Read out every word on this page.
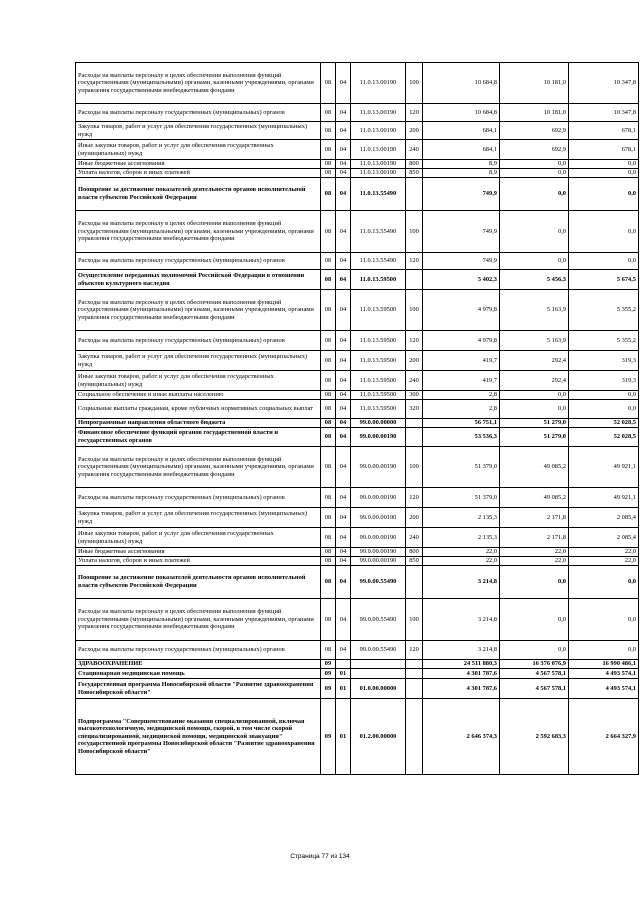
Расходы на выплаты персоналу в целях обеспечения выполнения функций государственными (муниципальными) органами, казенными учреждениями, органами управления государственными внебюджетными фондами	08	04	11.0.13.00190	100	10 684,8	10 181,0	10 347,8
Расходы на выплаты персоналу государственных (муниципальных) органов	08	04	11.0.13.00190	120	10 684,8	10 181,0	10 347,8
Закупка товаров, работ и услуг для обеспечения государственных (муниципальных) нужд	08	04	11.0.13.00190	200	684,1	692,9	678,1
Иные закупки товаров, работ и услуг для обеспечения государственных (муниципальных) нужд	08	04	11.0.13.00190	240	684,1	692,9	678,1
Иные бюджетные ассигнования	08	04	11.0.13.00190	800	8,9	0,0	0,0
Уплата налогов, сборов и иных платежей	08	04	11.0.13.00190	850	8,9	0,0	0,0
Поощрение за достижение показателей деятельности органов исполнительной власти субъектов Российской Федерации	08	04	11.0.13.55490		749,9	0,0	0,0
Расходы на выплаты персоналу в целях обеспечения выполнения функций государственными (муниципальными) органами, казенными учреждениями, органами управления государственными внебюджетными фондами	08	04	11.0.13.55490	100	749,9	0,0	0,0
Расходы на выплаты персоналу государственных (муниципальных) органов	08	04	11.0.13.55490	120	749,9	0,0	0,0
Осуществление переданных полномочий Российской Федерации в отношении объектов культурного наследия	08	04	11.0.13.59500		5 402,3	5 456,3	5 674,5
Расходы на выплаты персоналу в целях обеспечения выполнения функций государственными (муниципальными) органами, казенными учреждениями, органами управления государственными внебюджетными фондами	08	04	11.0.13.59500	100	4 979,8	5 163,9	5 355,2
Расходы на выплаты персоналу государственных (муниципальных) органов	08	04	11.0.13.59500	120	4 979,8	5 163,9	5 355,2
Закупка товаров, работ и услуг для обеспечения государственных (муниципальных) нужд	08	04	11.0.13.59500	200	419,7	292,4	319,3
Иные закупки товаров, работ и услуг для обеспечения государственных (муниципальных) нужд	08	04	11.0.13.59500	240	419,7	292,4	319,3
Социальное обеспечение и иные выплаты населению	08	04	11.0.13.59500	300	2,8	0,0	0,0
Социальные выплаты гражданам, кроме публичных нормативных социальных выплат	08	04	11.0.13.59500	320	2,8	0,0	0,0
Непрограммные направления областного бюджета	08	04	99.0.00.00000		56 751,1	51 279,0	52 028,5
Финансовое обеспечение функций органов государственной власти и государственных органов	08	04	99.0.00.00190		53 536,3	51 279,0	52 028,5
Расходы на выплаты персоналу в целях обеспечения выполнения функций государственными (муниципальными) органами, казенными учреждениями, органами управления государственными внебюджетными фондами	08	04	99.0.00.00190	100	51 379,0	49 085,2	49 921,1
Расходы на выплаты персоналу государственных (муниципальных) органов	08	04	99.0.00.00190	120	51 379,0	49 085,2	49 921,1
Закупка товаров, работ и услуг для обеспечения государственных (муниципальных) нужд	08	04	99.0.00.00190	200	2 135,3	2 171,8	2 085,4
Иные закупки товаров, работ и услуг для обеспечения государственных (муниципальных) нужд	08	04	99.0.00.00190	240	2 135,3	2 171,8	2 085,4
Иные бюджетные ассигнования	08	04	99.0.00.00190	800	22,0	22,0	22,0
Уплата налогов, сборов и иных платежей	08	04	99.0.00.00190	850	22,0	22,0	22,0
Поощрение за достижение показателей деятельности органов исполнительной власти субъектов Российской Федерации	08	04	99.0.00.55490		3 214,8	0,0	0,0
Расходы на выплаты персоналу в целях обеспечения выполнения функций государственными (муниципальными) органами, казенными учреждениями, органами управления государственными внебюджетными фондами	08	04	99.0.00.55490	100	3 214,8	0,0	0,0
Расходы на выплаты персоналу государственных (муниципальных) органов	08	04	99.0.00.55490	120	3 214,8	0,0	0,0
ЗДРАВООХРАНЕНИЕ	09				24 511 880,3	16 376 076,9	16 990 486,1
Стационарная медицинская помощь	09	01			4 301 787,6	4 567 578,1	4 493 574,1
Государственная программа Новосибирской области "Развитие здравоохранения Новосибирской области"	09	01	01.0.00.00000		4 301 787,6	4 567 578,1	4 493 574,1
Подпрограмма "Совершенствование оказания специализированной, включая высокотехнологичную, медицинской помощи, скорой, в том числе скорой специализированной, медицинской помощи, медицинской эвакуации" государственной программы Новосибирской области "Развитие здравоохранения Новосибирской области"	09	01	01.2.00.00000		2 646 374,3	2 592 683,3	2 664 327,9
Страница 77 из 134
